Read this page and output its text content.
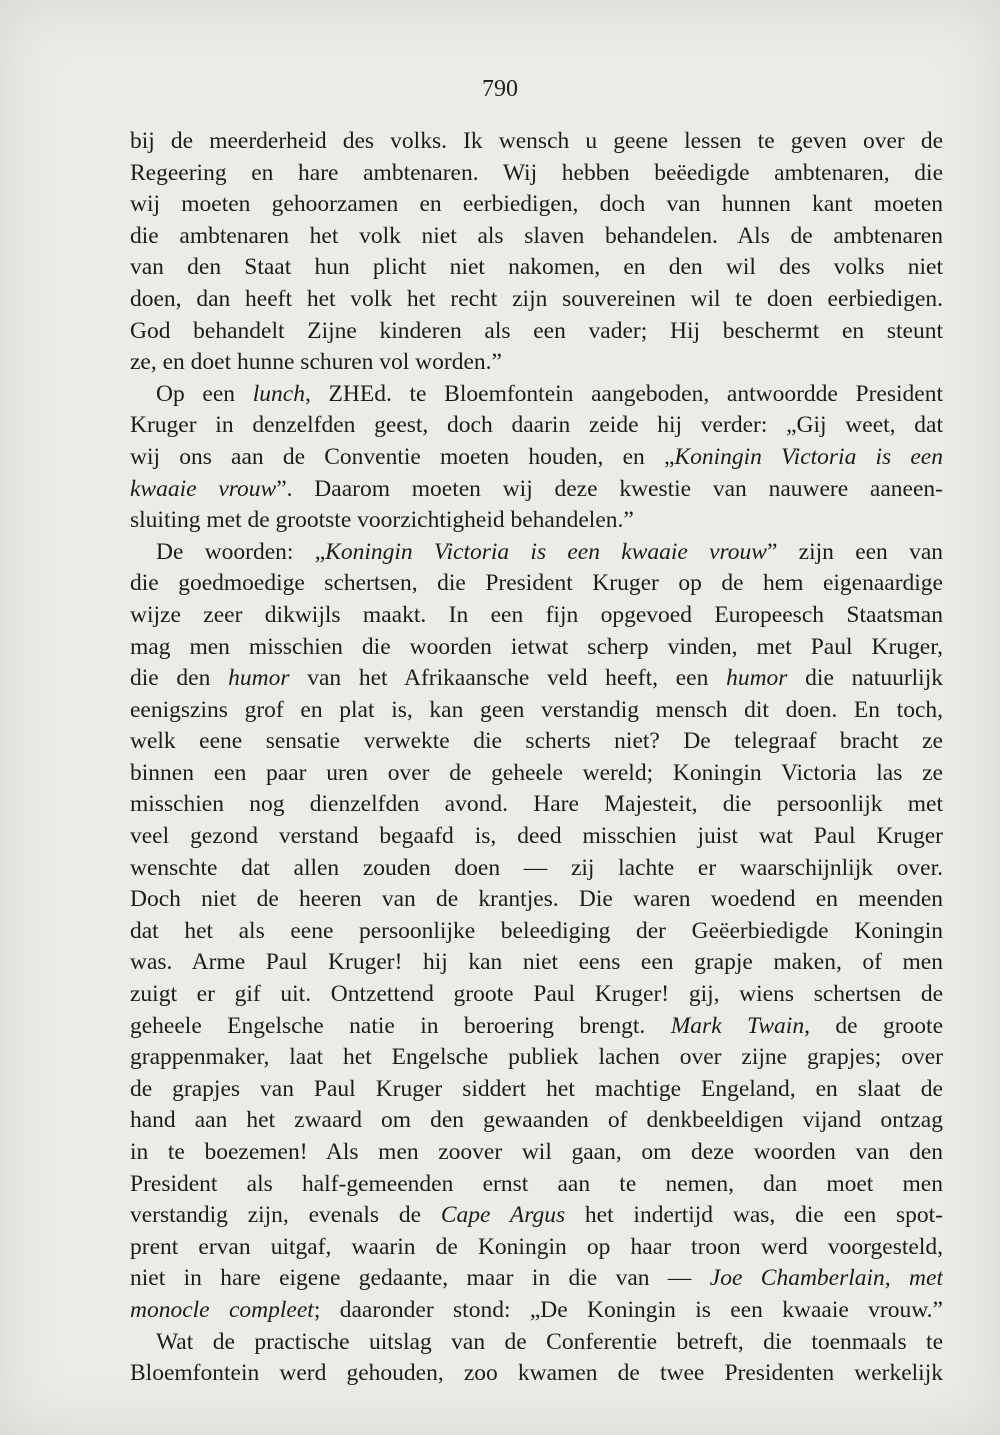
790
bij de meerderheid des volks. Ik wensch u geene lessen te geven over de
Regeering en hare ambtenaren. Wij hebben beëedigde ambtenaren, die
wij moeten gehoorzamen en eerbiedigen, doch van hunnen kant moeten
die ambtenaren het volk niet als slaven behandelen. Als de ambtenaren
van den Staat hun plicht niet nakomen, en den wil des volks niet
doen, dan heeft het volk het recht zijn souvereinen wil te doen eerbiedigen.
God behandelt Zijne kinderen als een vader; Hij beschermt en steunt
ze, en doet hunne schuren vol worden.”
Op een lunch, ZHEd. te Bloemfontein aangeboden, antwoordde President
Kruger in denzelfden geest, doch daarin zeide hij verder: „Gij weet, dat
wij ons aan de Conventie moeten houden, en „Koningin Victoria is een
kwaaie vrouw”. Daarom moeten wij deze kwestie van nauwere aaneen-
sluiting met de grootste voorzichtigheid behandelen.”
De woorden: „Koningin Victoria is een kwaaie vrouw” zijn een van
die goedmoedige schertsen, die President Kruger op de hem eigenaardige
wijze zeer dikwijls maakt. In een fijn opgevoed Europeesch Staatsman
mag men misschien die woorden ietwat scherp vinden, met Paul Kruger,
die den humor van het Afrikaansche veld heeft, een humor die natuurlijk
eenigszins grof en plat is, kan geen verstandig mensch dit doen. En toch,
welk eene sensatie verwekte die scherts niet? De telegraaf bracht ze
binnen een paar uren over de geheele wereld; Koningin Victoria las ze
misschien nog dienzelfden avond. Hare Majesteit, die persoonlijk met
veel gezond verstand begaafd is, deed misschien juist wat Paul Kruger
wenschte dat allen zouden doen — zij lachte er waarschijnlijk over.
Doch niet de heeren van de krantjes. Die waren woedend en meenden
dat het als eene persoonlijke beleediging der Geëerbiedigde Koningin
was. Arme Paul Kruger! hij kan niet eens een grapje maken, of men
zuigt er gif uit. Ontzettend groote Paul Kruger! gij, wiens schertsen de
geheele Engelsche natie in beroering brengt. Mark Twain, de groote
grappenmaker, laat het Engelsche publiek lachen over zijne grapjes; over
de grapjes van Paul Kruger siddert het machtige Engeland, en slaat de
hand aan het zwaard om den gewaanden of denkbeeldigen vijand ontzag
in te boezemen! Als men zoover wil gaan, om deze woorden van den
President als half-gemeenden ernst aan te nemen, dan moet men
verstandig zijn, evenals de Cape Argus het indertijd was, die een spot-
prent ervan uitgaf, waarin de Koningin op haar troon werd voorgesteld,
niet in hare eigene gedaante, maar in die van — Joe Chamberlain, met
monocle compleet; daaronder stond: „De Koningin is een kwaaie vrouw.”
Wat de practische uitslag van de Conferentie betreft, die toenmaals te
Bloemfontein werd gehouden, zoo kwamen de twee Presidenten werkelijk
